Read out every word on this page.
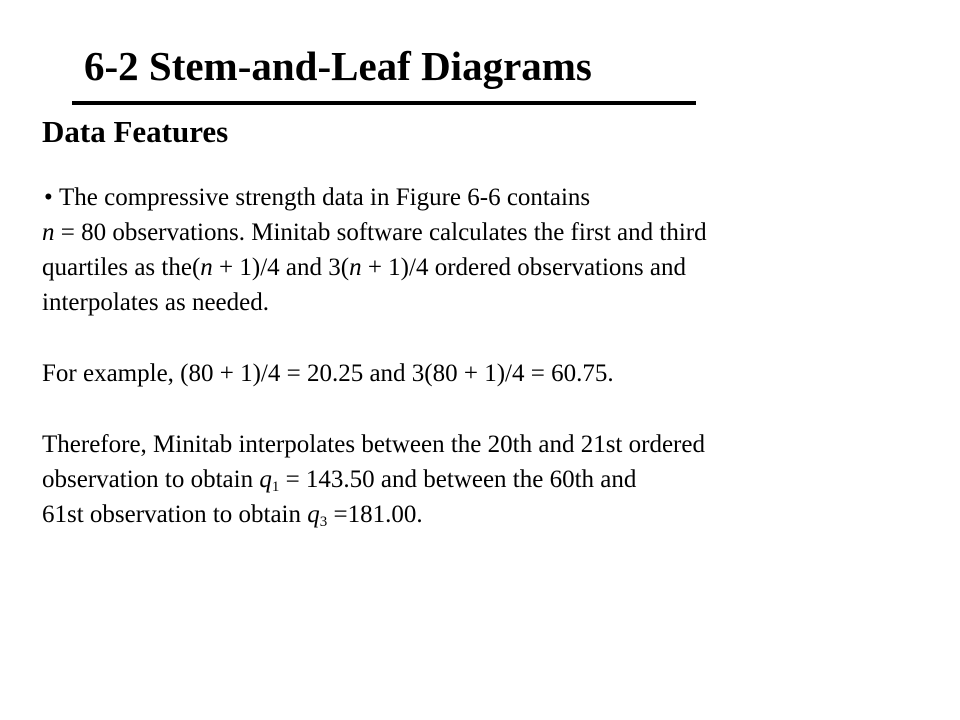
6-2 Stem-and-Leaf Diagrams
Data Features
• The compressive strength data in Figure 6-6 contains
n = 80 observations. Minitab software calculates the first and third
quartiles as the(n + 1)/4 and 3(n + 1)/4 ordered observations and
interpolates as needed.
For example, (80 + 1)/4 = 20.25 and 3(80 + 1)/4 = 60.75.
Therefore, Minitab interpolates between the 20th and 21st ordered
observation to obtain $q_1 = 143.50$ and between the 60th and
61st observation to obtain $q_3 =181.00$.
